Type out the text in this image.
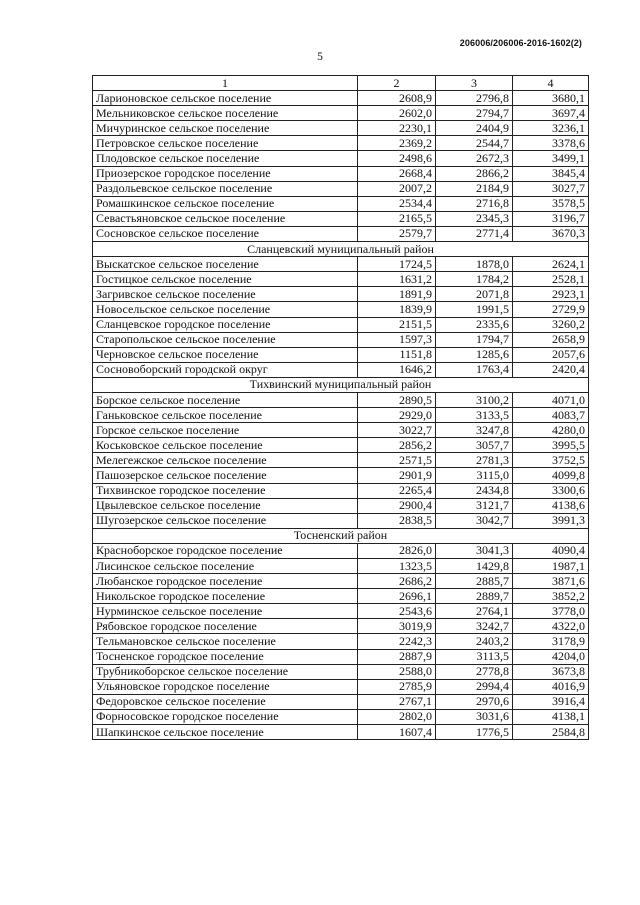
206006/206006-2016-1602(2)
5
1	2	3	4
Ларионовское сельское поселение	2608,9	2796,8	3680,1
Мельниковское сельское поселение	2602,0	2794,7	3697,4
Мичуринское сельское поселение	2230,1	2404,9	3236,1
Петровское сельское поселение	2369,2	2544,7	3378,6
Плодовское сельское поселение	2498,6	2672,3	3499,1
Приозерское городское поселение	2668,4	2866,2	3845,4
Раздольевское сельское поселение	2007,2	2184,9	3027,7
Ромашкинское сельское поселение	2534,4	2716,8	3578,5
Севастьяновское сельское поселение	2165,5	2345,3	3196,7
Сосновское сельское поселение	2579,7	2771,4	3670,3
Сланцевский муниципальный район			
Выскатское сельское поселение	1724,5	1878,0	2624,1
Гостицкое сельское поселение	1631,2	1784,2	2528,1
Загривское сельское поселение	1891,9	2071,8	2923,1
Новосельское сельское поселение	1839,9	1991,5	2729,9
Сланцевское городское поселение	2151,5	2335,6	3260,2
Старопольское сельское поселение	1597,3	1794,7	2658,9
Черновское сельское поселение	1151,8	1285,6	2057,6
Сосновоборский городской округ	1646,2	1763,4	2420,4
Тихвинский муниципальный район			
Борское сельское поселение	2890,5	3100,2	4071,0
Ганьковское сельское поселение	2929,0	3133,5	4083,7
Горское сельское поселение	3022,7	3247,8	4280,0
Коськовское сельское поселение	2856,2	3057,7	3995,5
Мелегежское сельское поселение	2571,5	2781,3	3752,5
Пашозерское сельское поселение	2901,9	3115,0	4099,8
Тихвинское городское поселение	2265,4	2434,8	3300,6
Цвылевское сельское поселение	2900,4	3121,7	4138,6
Шугозерское сельское поселение	2838,5	3042,7	3991,3
Тосненский район			
Красноборское городское поселение	2826,0	3041,3	4090,4
Лисинское сельское поселение	1323,5	1429,8	1987,1
Любанское городское поселение	2686,2	2885,7	3871,6
Никольское городское поселение	2696,1	2889,7	3852,2
Нурминское сельское поселение	2543,6	2764,1	3778,0
Рябовское городское поселение	3019,9	3242,7	4322,0
Тельмановское сельское поселение	2242,3	2403,2	3178,9
Тосненское городское поселение	2887,9	3113,5	4204,0
Трубникоборское сельское поселение	2588,0	2778,8	3673,8
Ульяновское городское поселение	2785,9	2994,4	4016,9
Федоровское сельское поселение	2767,1	2970,6	3916,4
Форносовское городское поселение	2802,0	3031,6	4138,1
Шапкинское сельское поселение	1607,4	1776,5	2584,8
